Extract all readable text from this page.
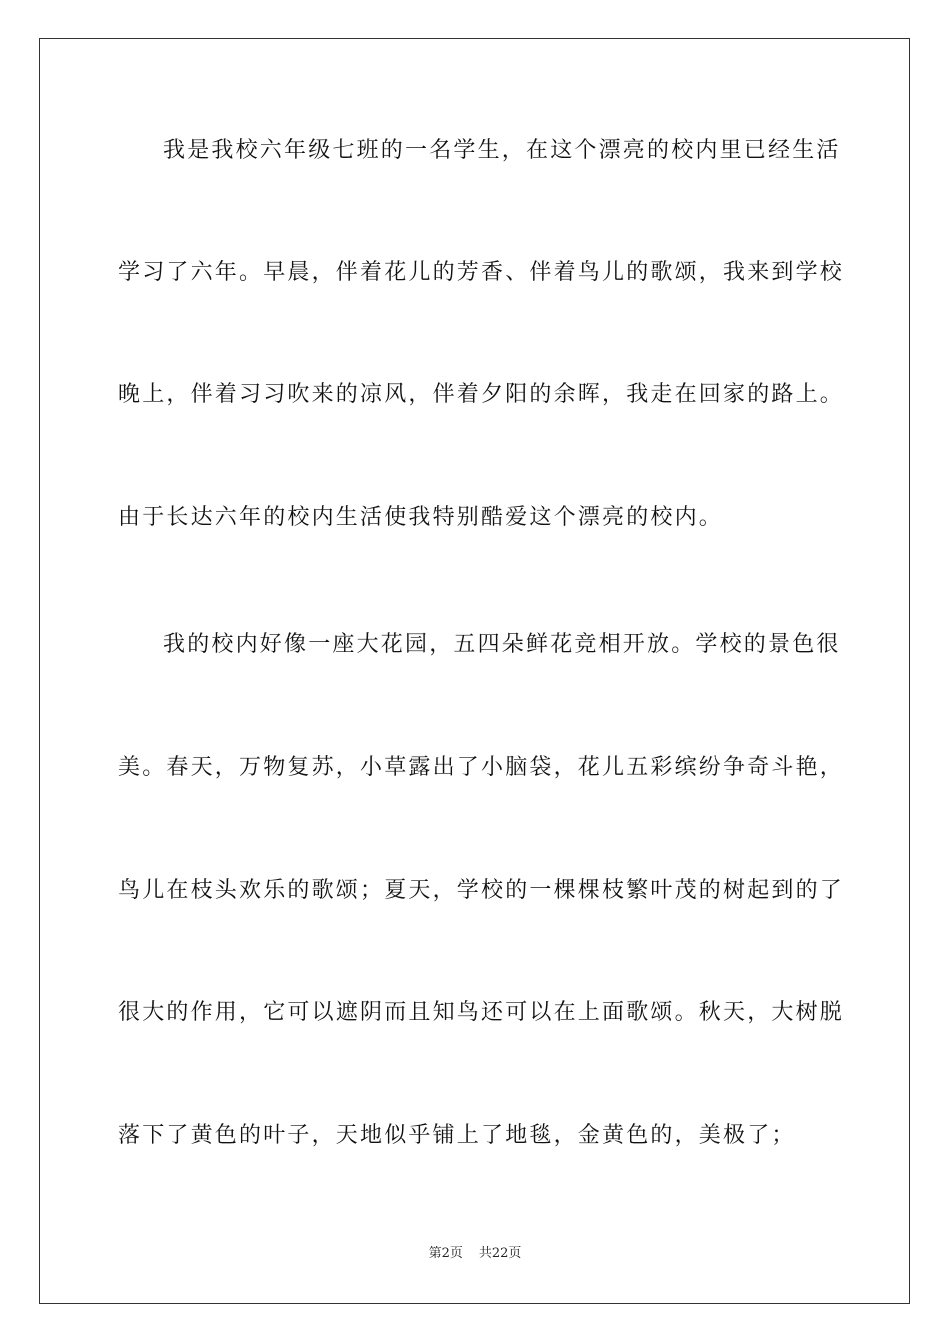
我是我校六年级七班的一名学生，在这个漂亮的校内里已经生活
学习了六年。早晨，伴着花儿的芳香、伴着鸟儿的歌颂，我来到学校
晚上，伴着习习吹来的凉风，伴着夕阳的余晖，我走在回家的路上。
由于长达六年的校内生活使我特别酷爱这个漂亮的校内。
我的校内好像一座大花园，五四朵鲜花竞相开放。学校的景色很
美。春天，万物复苏，小草露出了小脑袋，花儿五彩缤纷争奇斗艳，
鸟儿在枝头欢乐的歌颂；夏天，学校的一棵棵枝繁叶茂的树起到的了
很大的作用，它可以遮阴而且知鸟还可以在上面歌颂。秋天，大树脱
落下了黄色的叶子，天地似乎铺上了地毯，金黄色的，美极了；
第2页 共22页
